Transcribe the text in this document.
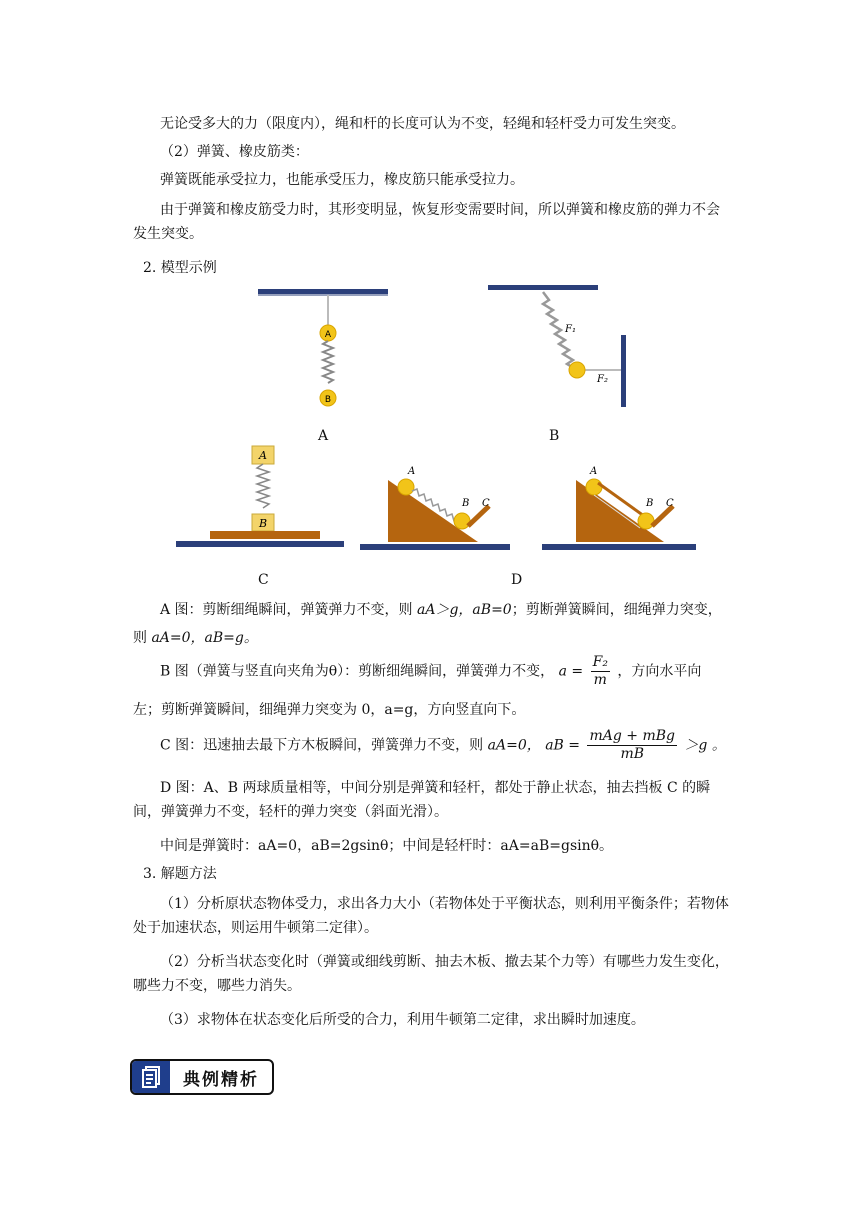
无论受多大的力（限度内），绳和杆的长度可认为不变，轻绳和轻杆受力可发生突变。
（2）弹簧、橡皮筋类：
弹簧既能承受拉力，也能承受压力，橡皮筋只能承受拉力。
由于弹簧和橡皮筋受力时，其形变明显，恢复形变需要时间，所以弹簧和橡皮筋的弹力不会发生突变。
2. 模型示例
A
B
A
F₁
F₂
B
A
B
C
A
B C
D
A
B C
A 图：剪断细绳瞬间，弹簧弹力不变，则 aA＞g，aB=0；剪断弹簧瞬间，细绳弹力突变，
则 aA=0，aB=g。
B 图（弹簧与竖直向夹角为θ）：剪断细绳瞬间，弹簧弹力不变， $a = \frac{\text{F₂}}{m}$ ，方向水平向
左；剪断弹簧瞬间，细绳弹力突变为 0，a=g，方向竖直向下。
C 图：迅速抽去最下方木板瞬间，弹簧弹力不变，则 aA=0， aB = $\frac{\text{mAg + mBg}}{mB} >g$ 。
D 图：A、B 两球质量相等，中间分别是弹簧和轻杆，都处于静止状态，抽去挡板 C 的瞬间，弹簧弹力不变，轻杆的弹力突变（斜面光滑）。
中间是弹簧时：aA=0，aB=2gsinθ；中间是轻杆时：aA=aB=gsinθ。
3. 解题方法
（1）分析原状态物体受力，求出各力大小（若物体处于平衡状态，则利用平衡条件；若物体处于加速状态，则运用牛顿第二定律）。
（2）分析当状态变化时（弹簧或细线剪断、抽去木板、撤去某个力等）有哪些力发生变化，哪些力不变，哪些力消失。
（3）求物体在状态变化后所受的合力，利用牛顿第二定律，求出瞬时加速度。
典例精析
